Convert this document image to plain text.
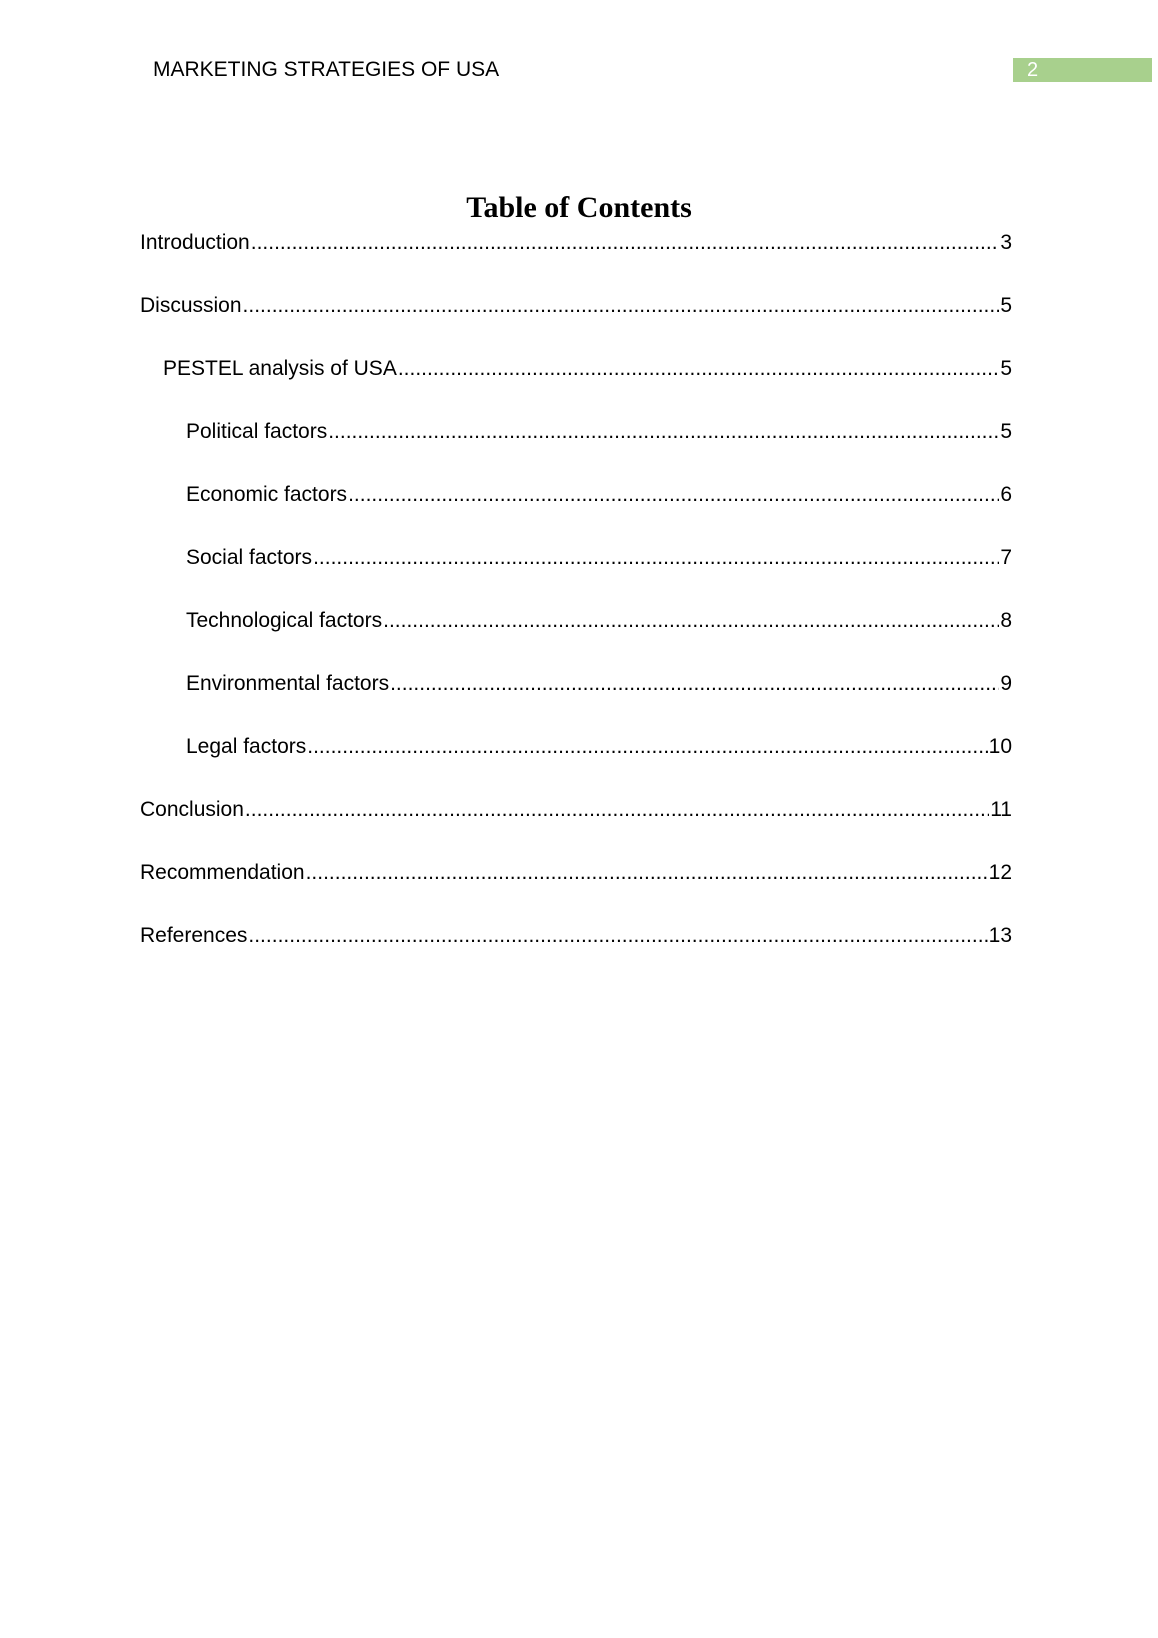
MARKETING STRATEGIES OF USA	2
Table of Contents
Introduction .....	3
Discussion .....	5
PESTEL analysis of USA .....	5
Political factors .....	5
Economic factors .....	6
Social factors .....	7
Technological factors .....	8
Environmental factors .....	9
Legal factors .....	10
Conclusion .....	11
Recommendation .....	12
References .....	13
